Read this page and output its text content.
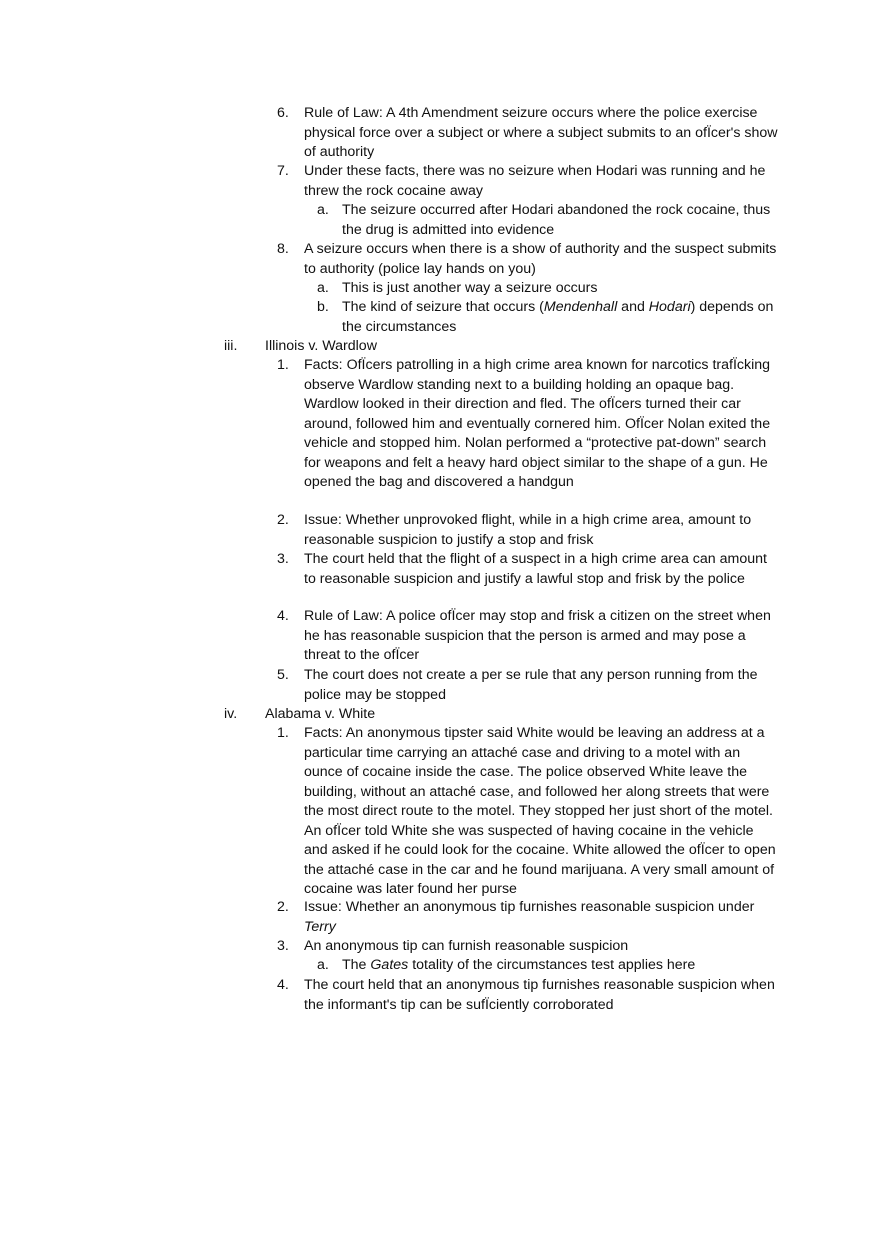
6. Rule of Law: A 4th Amendment seizure occurs where the police exercise physical force over a subject or where a subject submits to an ofÏcer's show of authority
7. Under these facts, there was no seizure when Hodari was running and he threw the rock cocaine away
a. The seizure occurred after Hodari abandoned the rock cocaine, thus the drug is admitted into evidence
8. A seizure occurs when there is a show of authority and the suspect submits to authority (police lay hands on you)
a. This is just another way a seizure occurs
b. The kind of seizure that occurs (Mendenhall and Hodari) depends on the circumstances
iii. Illinois v. Wardlow
1. Facts: OfÏcers patrolling in a high crime area known for narcotics trafÏcking observe Wardlow standing next to a building holding an opaque bag. Wardlow looked in their direction and fled. The ofÏcers turned their car around, followed him and eventually cornered him. OfÏcer Nolan exited the vehicle and stopped him. Nolan performed a “protective pat-down” search for weapons and felt a heavy hard object similar to the shape of a gun. He opened the bag and discovered a handgun
2. Issue: Whether unprovoked flight, while in a high crime area, amount to reasonable suspicion to justify a stop and frisk
3. The court held that the flight of a suspect in a high crime area can amount to reasonable suspicion and justify a lawful stop and frisk by the police
4. Rule of Law: A police ofÏcer may stop and frisk a citizen on the street when he has reasonable suspicion that the person is armed and may pose a threat to the ofÏcer
5. The court does not create a per se rule that any person running from the police may be stopped
iv. Alabama v. White
1. Facts: An anonymous tipster said White would be leaving an address at a particular time carrying an attaché case and driving to a motel with an ounce of cocaine inside the case. The police observed White leave the building, without an attaché case, and followed her along streets that were the most direct route to the motel. They stopped her just short of the motel. An ofÏcer told White she was suspected of having cocaine in the vehicle and asked if he could look for the cocaine. White allowed the ofÏcer to open the attaché case in the car and he found marijuana. A very small amount of cocaine was later found her purse
2. Issue: Whether an anonymous tip furnishes reasonable suspicion under Terry
3. An anonymous tip can furnish reasonable suspicion
a. The Gates totality of the circumstances test applies here
4. The court held that an anonymous tip furnishes reasonable suspicion when the informant's tip can be sufÏciently corroborated
